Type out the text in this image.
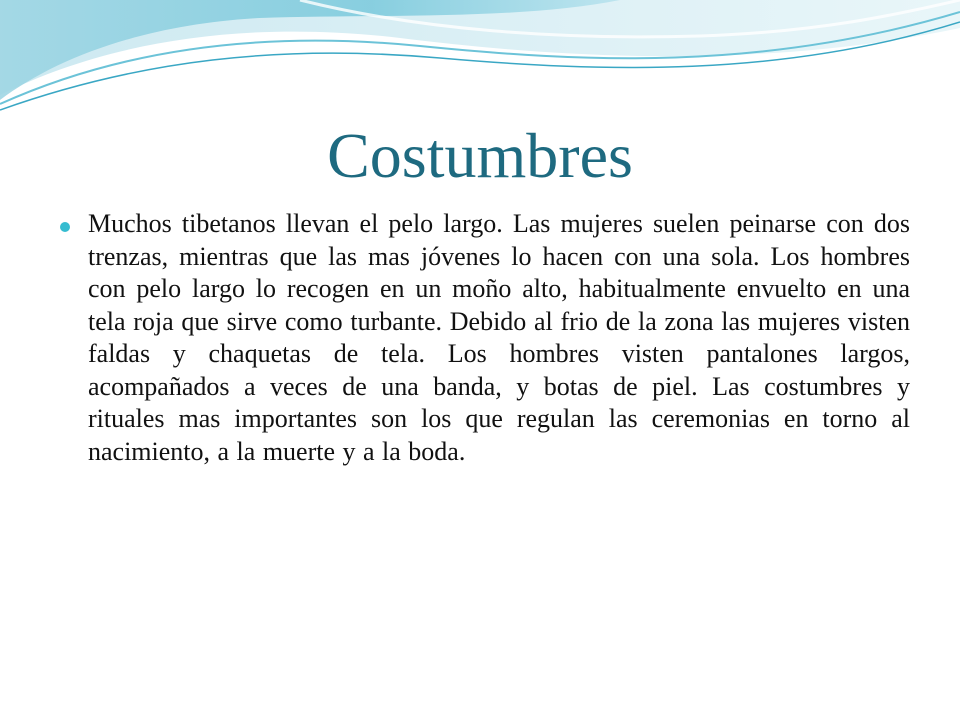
Costumbres

Muchos tibetanos llevan el pelo largo. Las mujeres suelen peinarse con dos trenzas, mientras que las mas jóvenes lo hacen con una sola. Los hombres con pelo largo lo recogen en un moño alto, habitualmente envuelto en una tela roja que sirve como turbante. Debido al frio de la zona las mujeres visten faldas y chaquetas de tela. Los hombres visten pantalones largos, acompañados a veces de una banda, y botas de piel. Las costumbres y rituales mas importantes son los que regulan las ceremonias en torno al nacimiento, a la muerte y a la boda.
